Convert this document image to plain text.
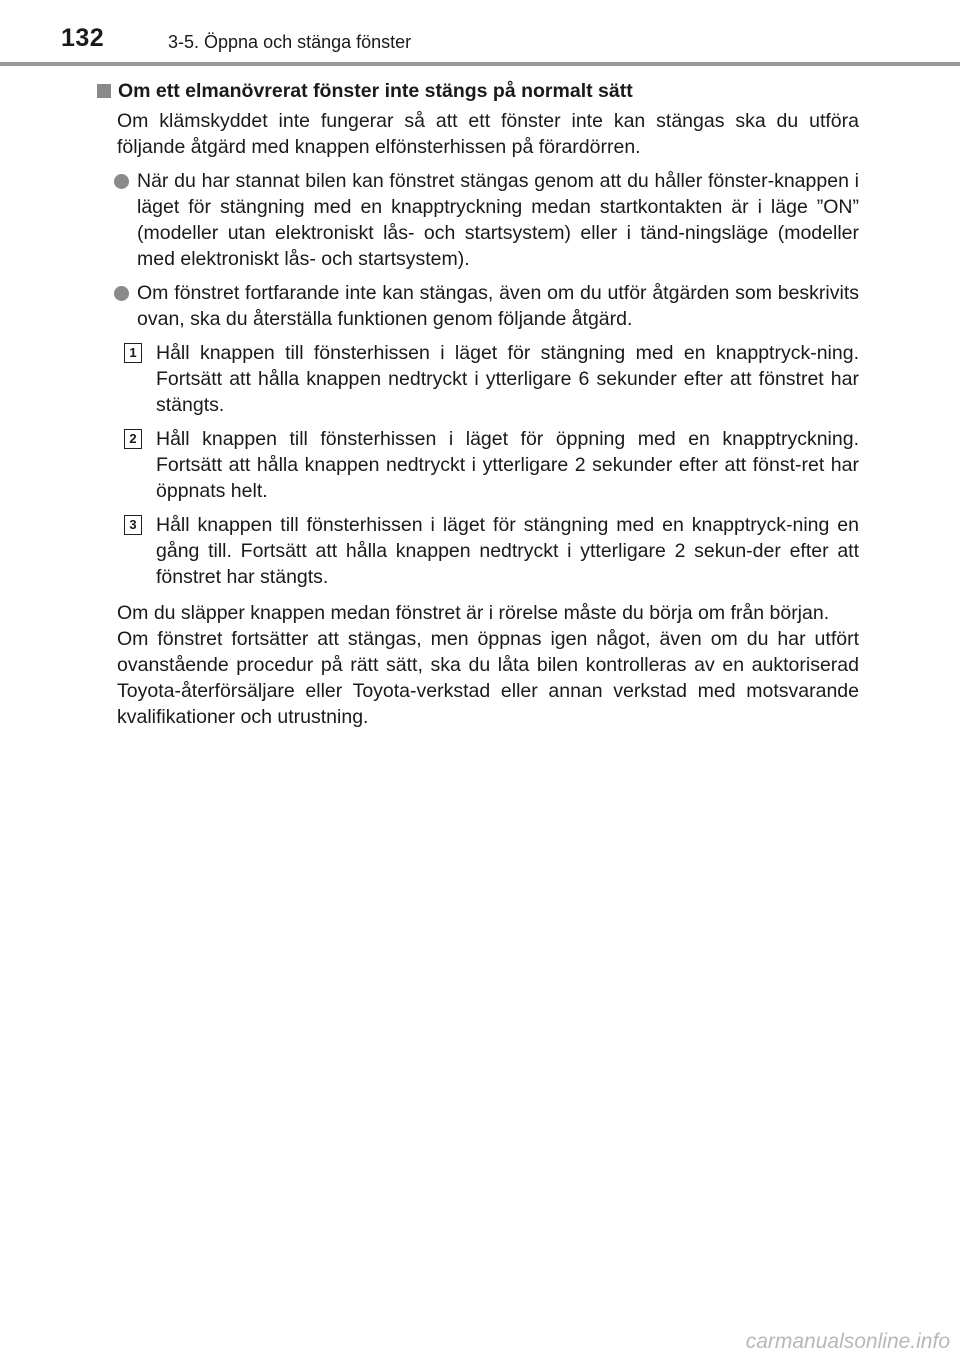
132	3-5. Öppna och stänga fönster
Om ett elmanövrerat fönster inte stängs på normalt sätt

Om klämskyddet inte fungerar så att ett fönster inte kan stängas ska du utföra följande åtgärd med knappen elfönsterhissen på förardörren.

När du har stannat bilen kan fönstret stängas genom att du håller fönster-knappen i läget för stängning med en knapptryckning medan startkontakten är i läge ”ON” (modeller utan elektroniskt lås- och startsystem) eller i tänd-ningsläge (modeller med elektroniskt lås- och startsystem).
Om fönstret fortfarande inte kan stängas, även om du utför åtgärden som beskrivits ovan, ska du återställa funktionen genom följande åtgärd.
1 Håll knappen till fönsterhissen i läget för stängning med en knapptryck-ning. Fortsätt att hålla knappen nedtryckt i ytterligare 6 sekunder efter att fönstret har stängts.
2 Håll knappen till fönsterhissen i läget för öppning med en knapptryckning. Fortsätt att hålla knappen nedtryckt i ytterligare 2 sekunder efter att fönst-ret har öppnats helt.
3 Håll knappen till fönsterhissen i läget för stängning med en knapptryck-ning en gång till. Fortsätt att hålla knappen nedtryckt i ytterligare 2 sekun-der efter att fönstret har stängts.

Om du släpper knappen medan fönstret är i rörelse måste du börja om från början.
Om fönstret fortsätter att stängas, men öppnas igen något, även om du har utfört ovanstående procedur på rätt sätt, ska du låta bilen kontrolleras av en auktoriserad Toyota-återförsäljare eller Toyota-verkstad eller annan verkstad med motsvarande kvalifikationer och utrustning.

carmanualsonline.info
